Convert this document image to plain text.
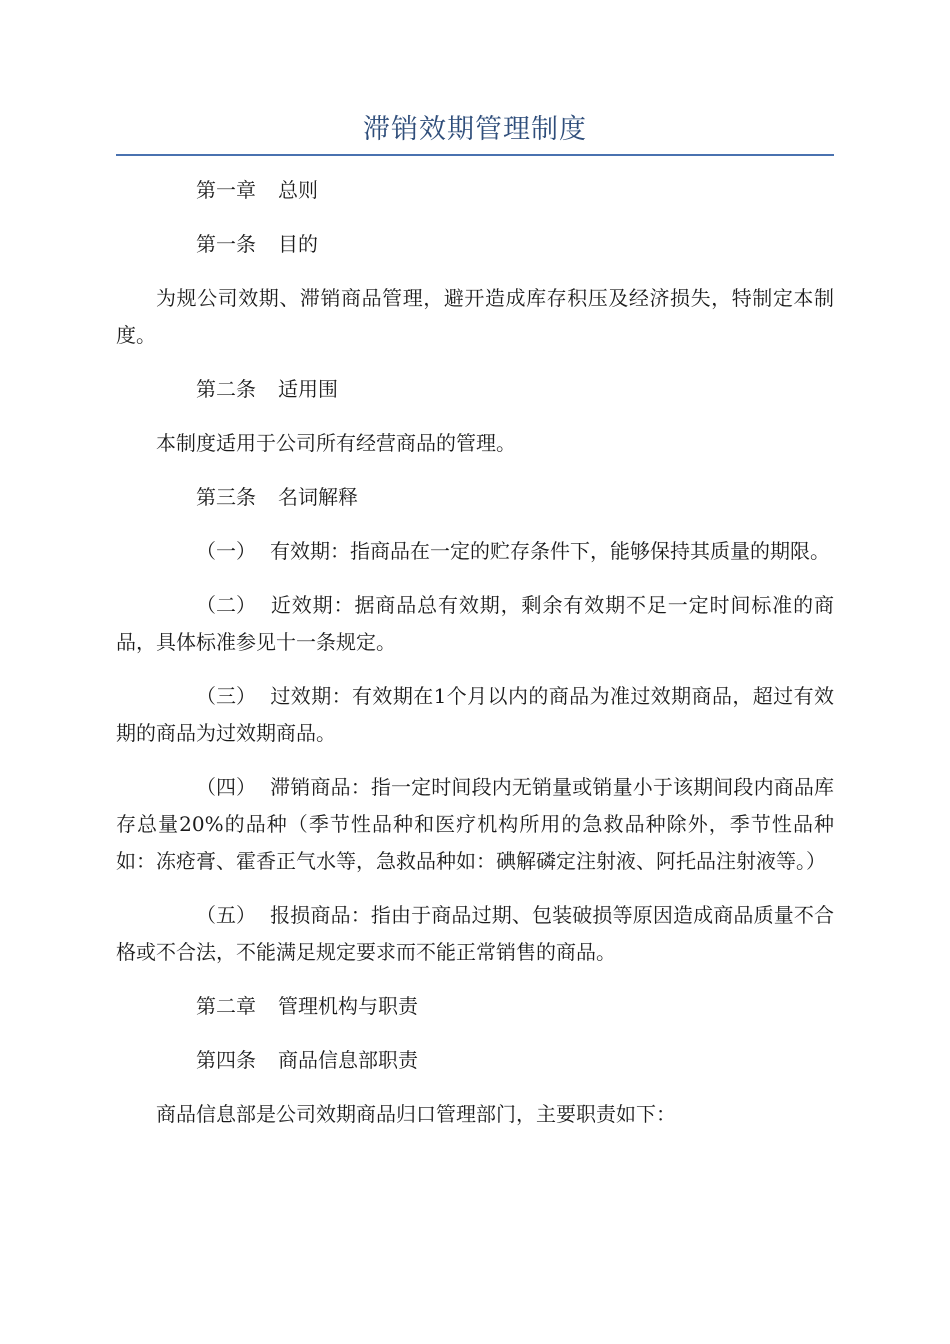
滞销效期管理制度

第一章 总则

第一条 目的

为规公司效期、滞销商品管理，避开造成库存积压及经济损失，特制定本制度。

第二条 适用围

本制度适用于公司所有经营商品的管理。

第三条 名词解释

（一） 有效期：指商品在一定的贮存条件下，能够保持其质量的期限。

（二） 近效期：据商品总有效期，剩余有效期不足一定时间标准的商品，具体标准参见十一条规定。

（三） 过效期：有效期在1个月以内的商品为准过效期商品，超过有效期的商品为过效期商品。

（四） 滞销商品：指一定时间段内无销量或销量小于该期间段内商品库存总量20%的品种（季节性品种和医疗机构所用的急救品种除外，季节性品种如：冻疮膏、霍香正气水等，急救品种如：碘解磷定注射液、阿托品注射液等。）

（五） 报损商品：指由于商品过期、包装破损等原因造成商品质量不合格或不合法，不能满足规定要求而不能正常销售的商品。

第二章 管理机构与职责

第四条 商品信息部职责

商品信息部是公司效期商品归口管理部门，主要职责如下：
